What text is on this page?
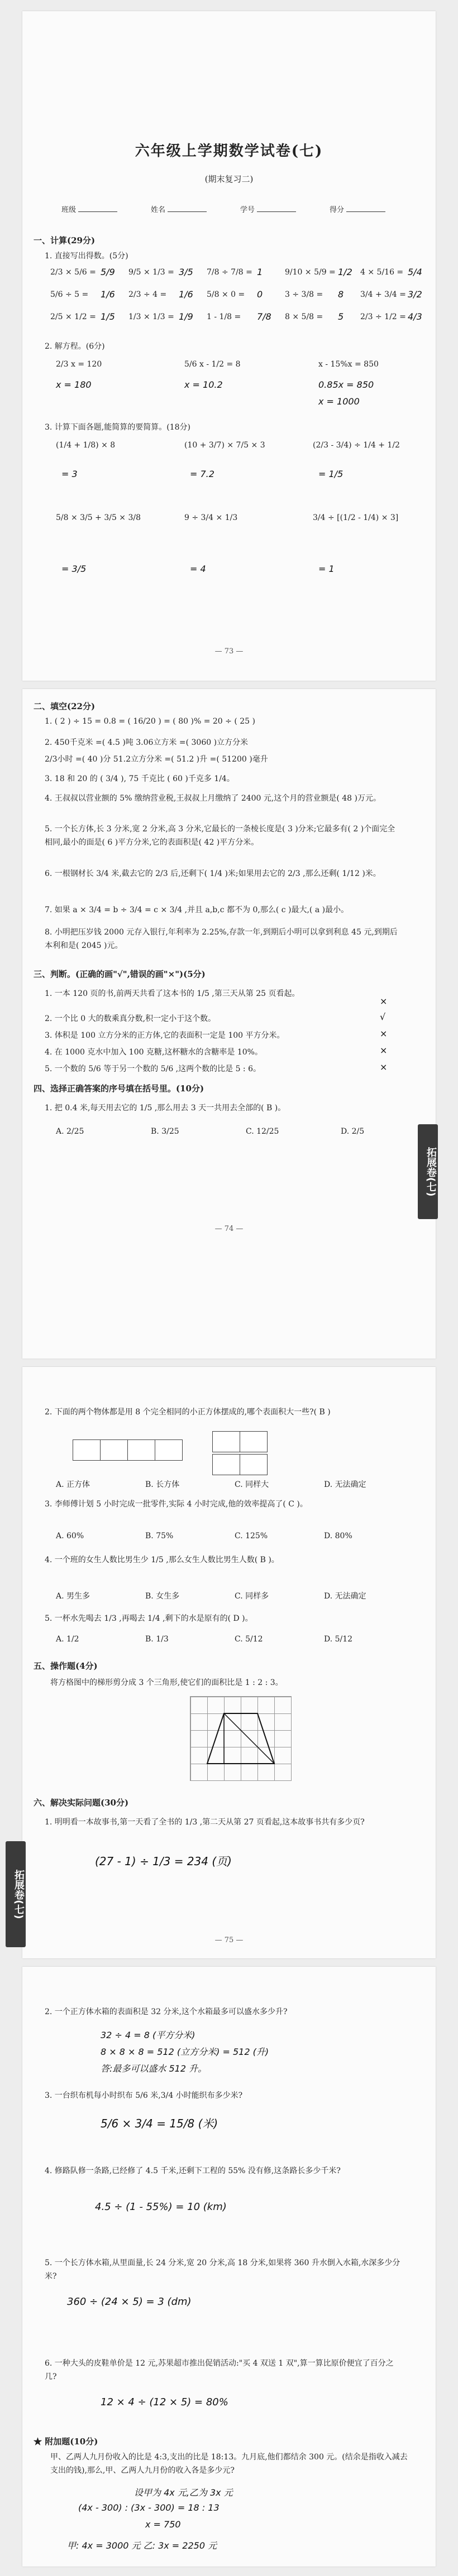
六年级上学期数学试卷(七)
(期末复习二)
班级	姓名	学号	得分
一、计算(29分)
1. 直接写出得数。(5分)
2/3 × 5/6 = 5/9 9/5 × 1/3 = 3/5 7/8 ÷ 7/8 = 1	9/10 × 5/9 = 1/2 4 × 5/16 = 5/4
5/6 ÷ 5 = 1/6 2/3 ÷ 4 = 1/6 5/8 × 0 = 0	3 ÷ 3/8 = 8 3/4 + 3/4 = 3/2
2/5 × 1/2 = 1/5 1/3 × 1/3 = 1/9 1 - 1/8 = 7/8 8 × 5/8 = 5 2/3 ÷ 1/2 = 4/3
2. 解方程。(6分)
2/3 x = 120	5/6 x - 1/2 = 8	x - 15%x = 850
x = 180	x = 10.2	0.85x = 850
x = 1000
3. 计算下面各题,能简算的要简算。(18分)
(1/4 + 1/8) × 8	(10 + 3/7) × 7/5 × 3	(2/3 - 3/4) ÷ 1/4 + 1/2
= 3	= 7.2	= 1/5
5/8 × 3/5 + 3/5 × 3/8	9 ÷ 3/4 × 1/3	3/4 ÷ [(1/2 - 1/4) × 3]
= 3/5	= 4	= 1
— 73 —
二、填空(22分)
1. ( 2 ) ÷ 15 = 0.8 = ( 16/20 ) = ( 80 )% = 20 ÷ ( 25 )
2. 450千克米 =( 4.5 )吨 3.06立方米 =( 3060 )立方分米
2/3小时 =( 40 )分 51.2立方分米 =( 51.2 )升 =( 51200 )毫升
3. 18 和 20 的 ( 3/4 ), 75 千克比 ( 60 )千克多 1/4。
4. 王叔叔以营业额的 5% 缴纳营业税,王叔叔上月缴纳了 2400 元,这个月的营业额是( 48 )万元。
5. 一个长方体,长 3 分米,宽 2 分米,高 3 分米,它最长的一条棱长度是( 3 )分米;它最多有( 2 )个面完全相同,最小的面是( 6 )平方分米,它的表面积是( 42 )平方分米。
6. 一根钢材长 3/4 米,截去它的 2/3 后,还剩下( 1/4 )米;如果用去它的 2/3 ,那么还剩( 1/12 )米。
7. 如果 a × 3/4 = b ÷ 3/4 = c × 3/4 ,并且 a,b,c 都不为 0,那么( c )最大,( a )最小。
8. 小明把压岁钱 2000 元存入银行,年利率为 2.25%,存款一年,到期后小明可以拿到利息 45 元,到期后本利和是( 2045 )元。
三、判断。(正确的画"√",错误的画"×")(5分)
1. 一本 120 页的书,前两天共看了这本书的 1/5 ,第三天从第 25 页看起。
×
2. 一个比 0 大的数乘真分数,积一定小于这个数。	√
3. 体积是 100 立方分米的正方体,它的表面积一定是 100 平方分米。	×
4. 在 1000 克水中加入 100 克糖,这杯糖水的含糖率是 10%。	×
5. 一个数的 5/6 等于另一个数的 5/6 ,这两个数的比是 5 : 6。	×
四、选择正确答案的序号填在括号里。(10分)
1. 把 0.4 米,每天用去它的 1/5 ,那么用去 3 天一共用去全部的( B )。
A. 2/25	B. 3/25	C. 12/25	D. 2/5
拓展卷(七)
— 74 —
2. 下面的两个物体都是用 8 个完全相同的小正方体摆成的,哪个表面积大一些?( B )
A. 正方体	B. 长方体	C. 同样大	D. 无法确定
3. 李师傅计划 5 小时完成一批零件,实际 4 小时完成,他的效率提高了( C )。
A. 60%	B. 75%	C. 125%	D. 80%
4. 一个班的女生人数比男生少 1/5 ,那么女生人数比男生人数( B )。
A. 男生多	B. 女生多	C. 同样多	D. 无法确定
5. 一杯水先喝去 1/3 ,再喝去 1/4 ,剩下的水是原有的( D )。
A. 1/2	B. 1/3	C. 5/12	D. 5/12
五、操作题(4分)
将方格图中的梯形剪分成 3 个三角形,使它们的面积比是 1 : 2 : 3。
六、解决实际问题(30分)
1. 明明看一本故事书,第一天看了全书的 1/3 ,第二天从第 27 页看起,这本故事书共有多少页?
(27 - 1) ÷ 1/3 = 234 (页)
拓展卷(七)
— 75 —
2. 一个正方体水箱的表面积是 32 分米,这个水箱最多可以盛水多少升?
32 ÷ 4 = 8 (平方分米)
8 × 8 × 8 = 512 (立方分米) = 512 (升)
答:最多可以盛水 512 升。
3. 一台织布机每小时织布 5/6 米,3/4 小时能织布多少米?
5/6 × 3/4 = 15/8 (米)
4. 修路队修一条路,已经修了 4.5 千米,还剩下工程的 55% 没有修,这条路长多少千米?
4.5 ÷ (1 - 55%) = 10 (km)
5. 一个长方体水箱,从里面量,长 24 分米,宽 20 分米,高 18 分米,如果将 360 升水倒入水箱,水深多少分米?
360 ÷ (24 × 5) = 3 (dm)
6. 一种大头的皮鞋单价是 12 元,苏果超市推出促销活动:"买 4 双送 1 双",算一算比原价便宜了百分之几?
12 × 4 ÷ (12 × 5) = 80%
★ 附加题(10分)
甲、乙两人九月份收入的比是 4:3,支出的比是 18:13。九月底,他们都结余 300 元。(结余是指收入减去支出的钱),那么,甲、乙两人九月份的收入各是多少元?
设甲为 4x 元,乙为 3x 元
(4x - 300) : (3x - 300) = 18 : 13
x = 750
甲: 4x = 3000 元 乙: 3x = 2250 元
